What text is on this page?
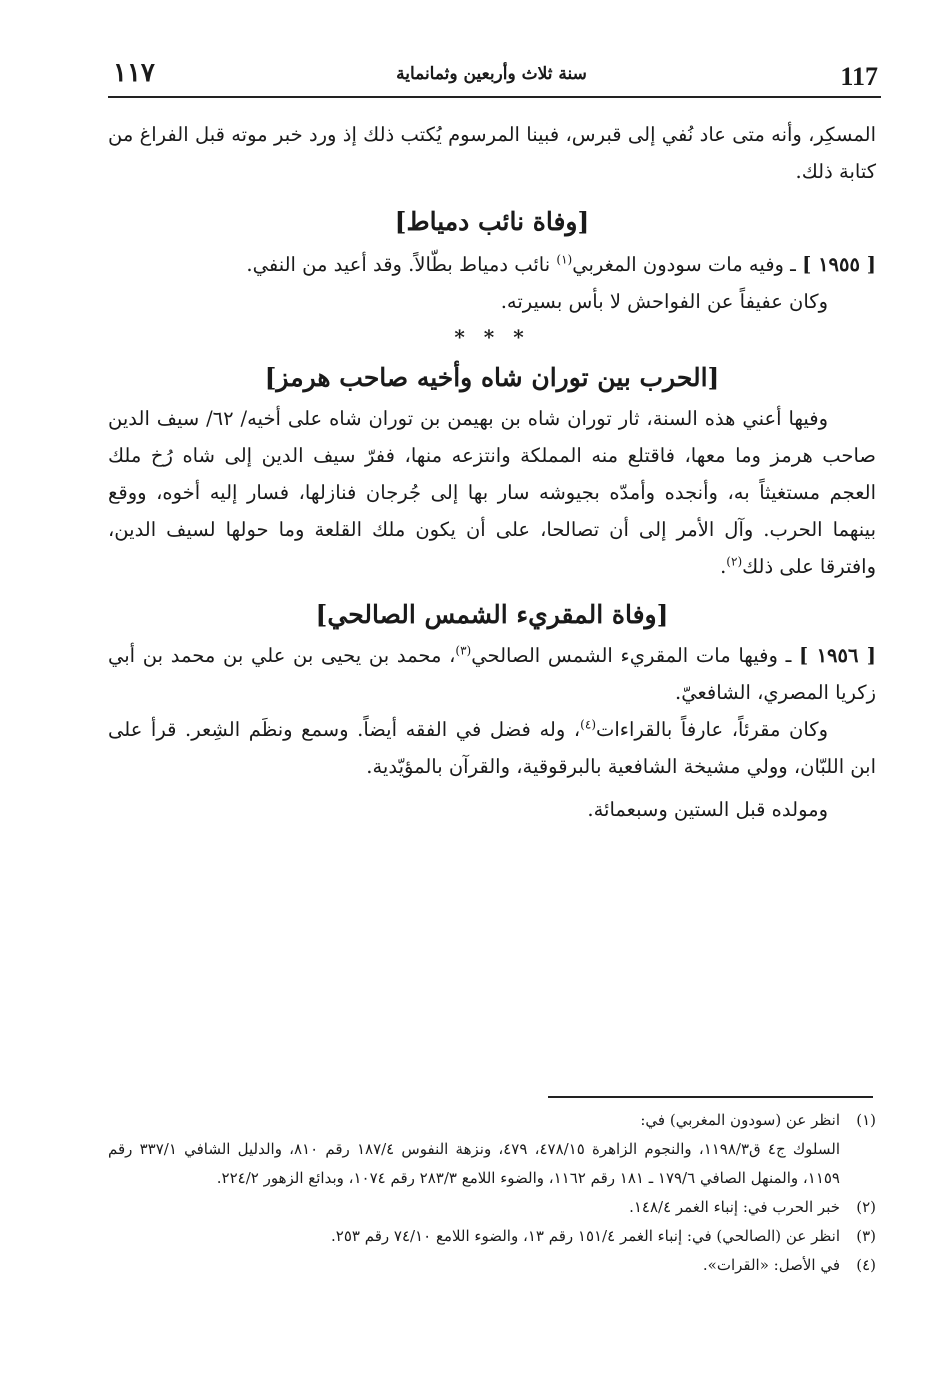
١١٧	سنة ثلاث وأربعين وثمانماية	117

المسكِر، وأنه متى عاد نُفي إلى قبرس، فبينا المرسوم يُكتب ذلك إذ ورد خبر موته قبل الفراغ من كتابة ذلك.

[وفاة نائب دمياط]

[ ١٩٥٥ ] ـ وفيه مات سودون المغربي$^{(١)}$ نائب دمياط بطّالاً. وقد أعيد من النفي.

وكان عفيفاً عن الفواحش لا بأس بسيرته.

* * *

[الحرب بين توران شاه وأخيه صاحب هرمز]

وفيها أعني هذه السنة، ثار توران شاه بن بهيمن بن توران شاه على أخيه/ ٦٢/ سيف الدين صاحب هرمز وما معها، فاقتلع منه المملكة وانتزعه منها، ففرّ سيف الدين إلى شاه رُخ ملك العجم مستغيثاً به، وأنجده وأمدّه بجيوشه سار بها إلى جُرجان فنازلها، فسار إليه أخوه، ووقع بينهما الحرب. وآل الأمر إلى أن تصالحا، على أن يكون ملك القلعة وما حولها لسيف الدين، وافترقا على ذلك$^{(٢)}$.

[وفاة المقريء الشمس الصالحي]

[ ١٩٥٦ ] ـ وفيها مات المقريء الشمس الصالحي$^{(٣)}$، محمد بن يحيى بن علي بن محمد بن أبي زكريا المصري، الشافعيّ.

وكان مقرئاً، عارفاً بالقراءات$^{(٤)}$، وله فضل في الفقه أيضاً. وسمع ونظَم الشِعر. قرأ على ابن اللبّان، وولي مشيخة الشافعية بالبرقوقية، والقرآن بالمؤيّدية.

ومولده قبل الستين وسبعمائة.

(١)
انظر عن (سودون المغربي) في:
السلوك ج٤ ق١١٩٨/٣، والنجوم الزاهرة ٤٧٨/١٥، ٤٧٩، ونزهة النفوس ١٨٧/٤ رقم ٨١٠، والدليل الشافي ٣٣٧/١ رقم ١١٥٩، والمنهل الصافي ١٧٩/٦ ـ ١٨١ رقم ١١٦٢، والضوء اللامع ٢٨٣/٣ رقم ١٠٧٤، وبدائع الزهور ٢٢٤/٢.
(٢)
خبر الحرب في: إنباء الغمر ١٤٨/٤.
(٣)
انظر عن (الصالحي) في: إنباء الغمر ١٥١/٤ رقم ١٣، والضوء اللامع ٧٤/١٠ رقم ٢٥٣.
(٤)
في الأصل: «القرات».
